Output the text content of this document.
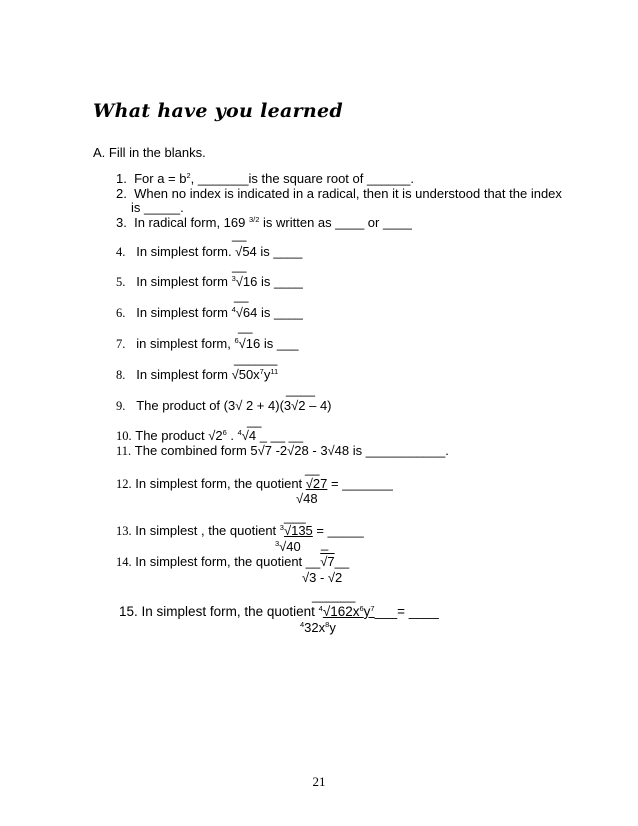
What have you learned
A. Fill in the blanks.
1. For $a = b^2$, _______is the square root of ______.
2. When no index is indicated in a radical, then it is understood that the index
is _____.
3. In radical form, 169 $^{3/2}$ is written as ____ or ____
__
4. In simplest form. √54 is ____
__
5. In simplest form $^3$√16 is ____
__
6. In simplest form $^4$√64 is ____
__
7. in simplest form, $^6$√16 is ___
______
8. In simplest form $√50x^7y^{11}$
____
9. The product of (3√ 2 + 4)(3√2 – 4)
__
10. The product $√2^6$ . $^4$√4 _ __ __
11. The combined form 5√7 -2√28 - 3√48 is ___________.
__
12. In simplest form, the quotient √27 = _______
√48
___
13. In simplest , the quotient $^3$√135 = _____
$^3$√40 _
14. In simplest form, the quotient __√7__
√3 - √2
______
15. In simplest form, the quotient $^4√162x^6y^7\_\_\_=$ ____
$^432x^8y$
21
